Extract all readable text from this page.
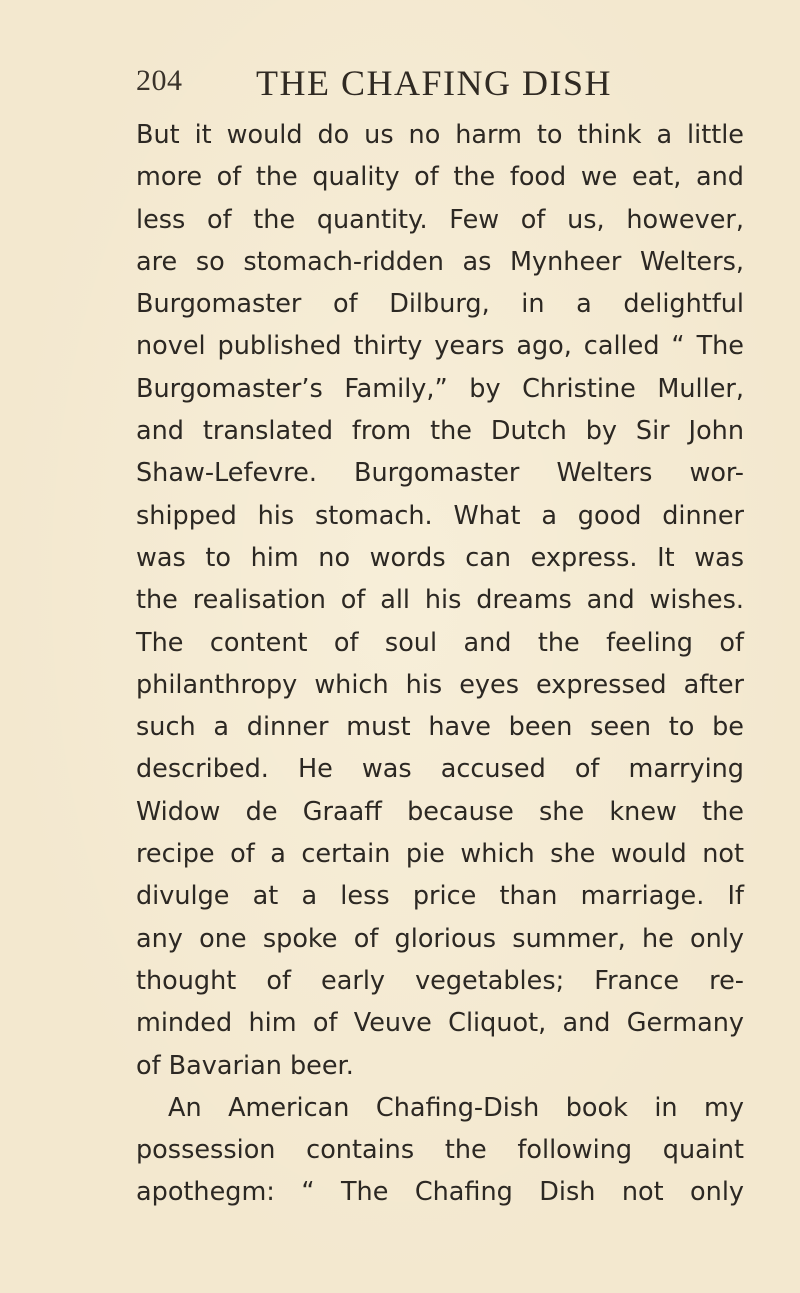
204 THE CHAFING DISH
But it would do us no harm to think a little
more of the quality of the food we eat, and
less of the quantity. Few of us, however,
are so stomach-ridden as Mynheer Welters,
Burgomaster of Dilburg, in a delightful
novel published thirty years ago, called “ The
Burgomaster’s Family,” by Christine Muller,
and translated from the Dutch by Sir John
Shaw-Lefevre. Burgomaster Welters wor-
shipped his stomach. What a good dinner
was to him no words can express. It was
the realisation of all his dreams and wishes.
The content of soul and the feeling of
philanthropy which his eyes expressed after
such a dinner must have been seen to be
described. He was accused of marrying
Widow de Graaff because she knew the
recipe of a certain pie which she would not
divulge at a less price than marriage. If
any one spoke of glorious summer, he only
thought of early vegetables; France re-
minded him of Veuve Cliquot, and Germany
of Bavarian beer.
An American Chafing-Dish book in my
possession contains the following quaint
apothegm: “ The Chafing Dish not only
